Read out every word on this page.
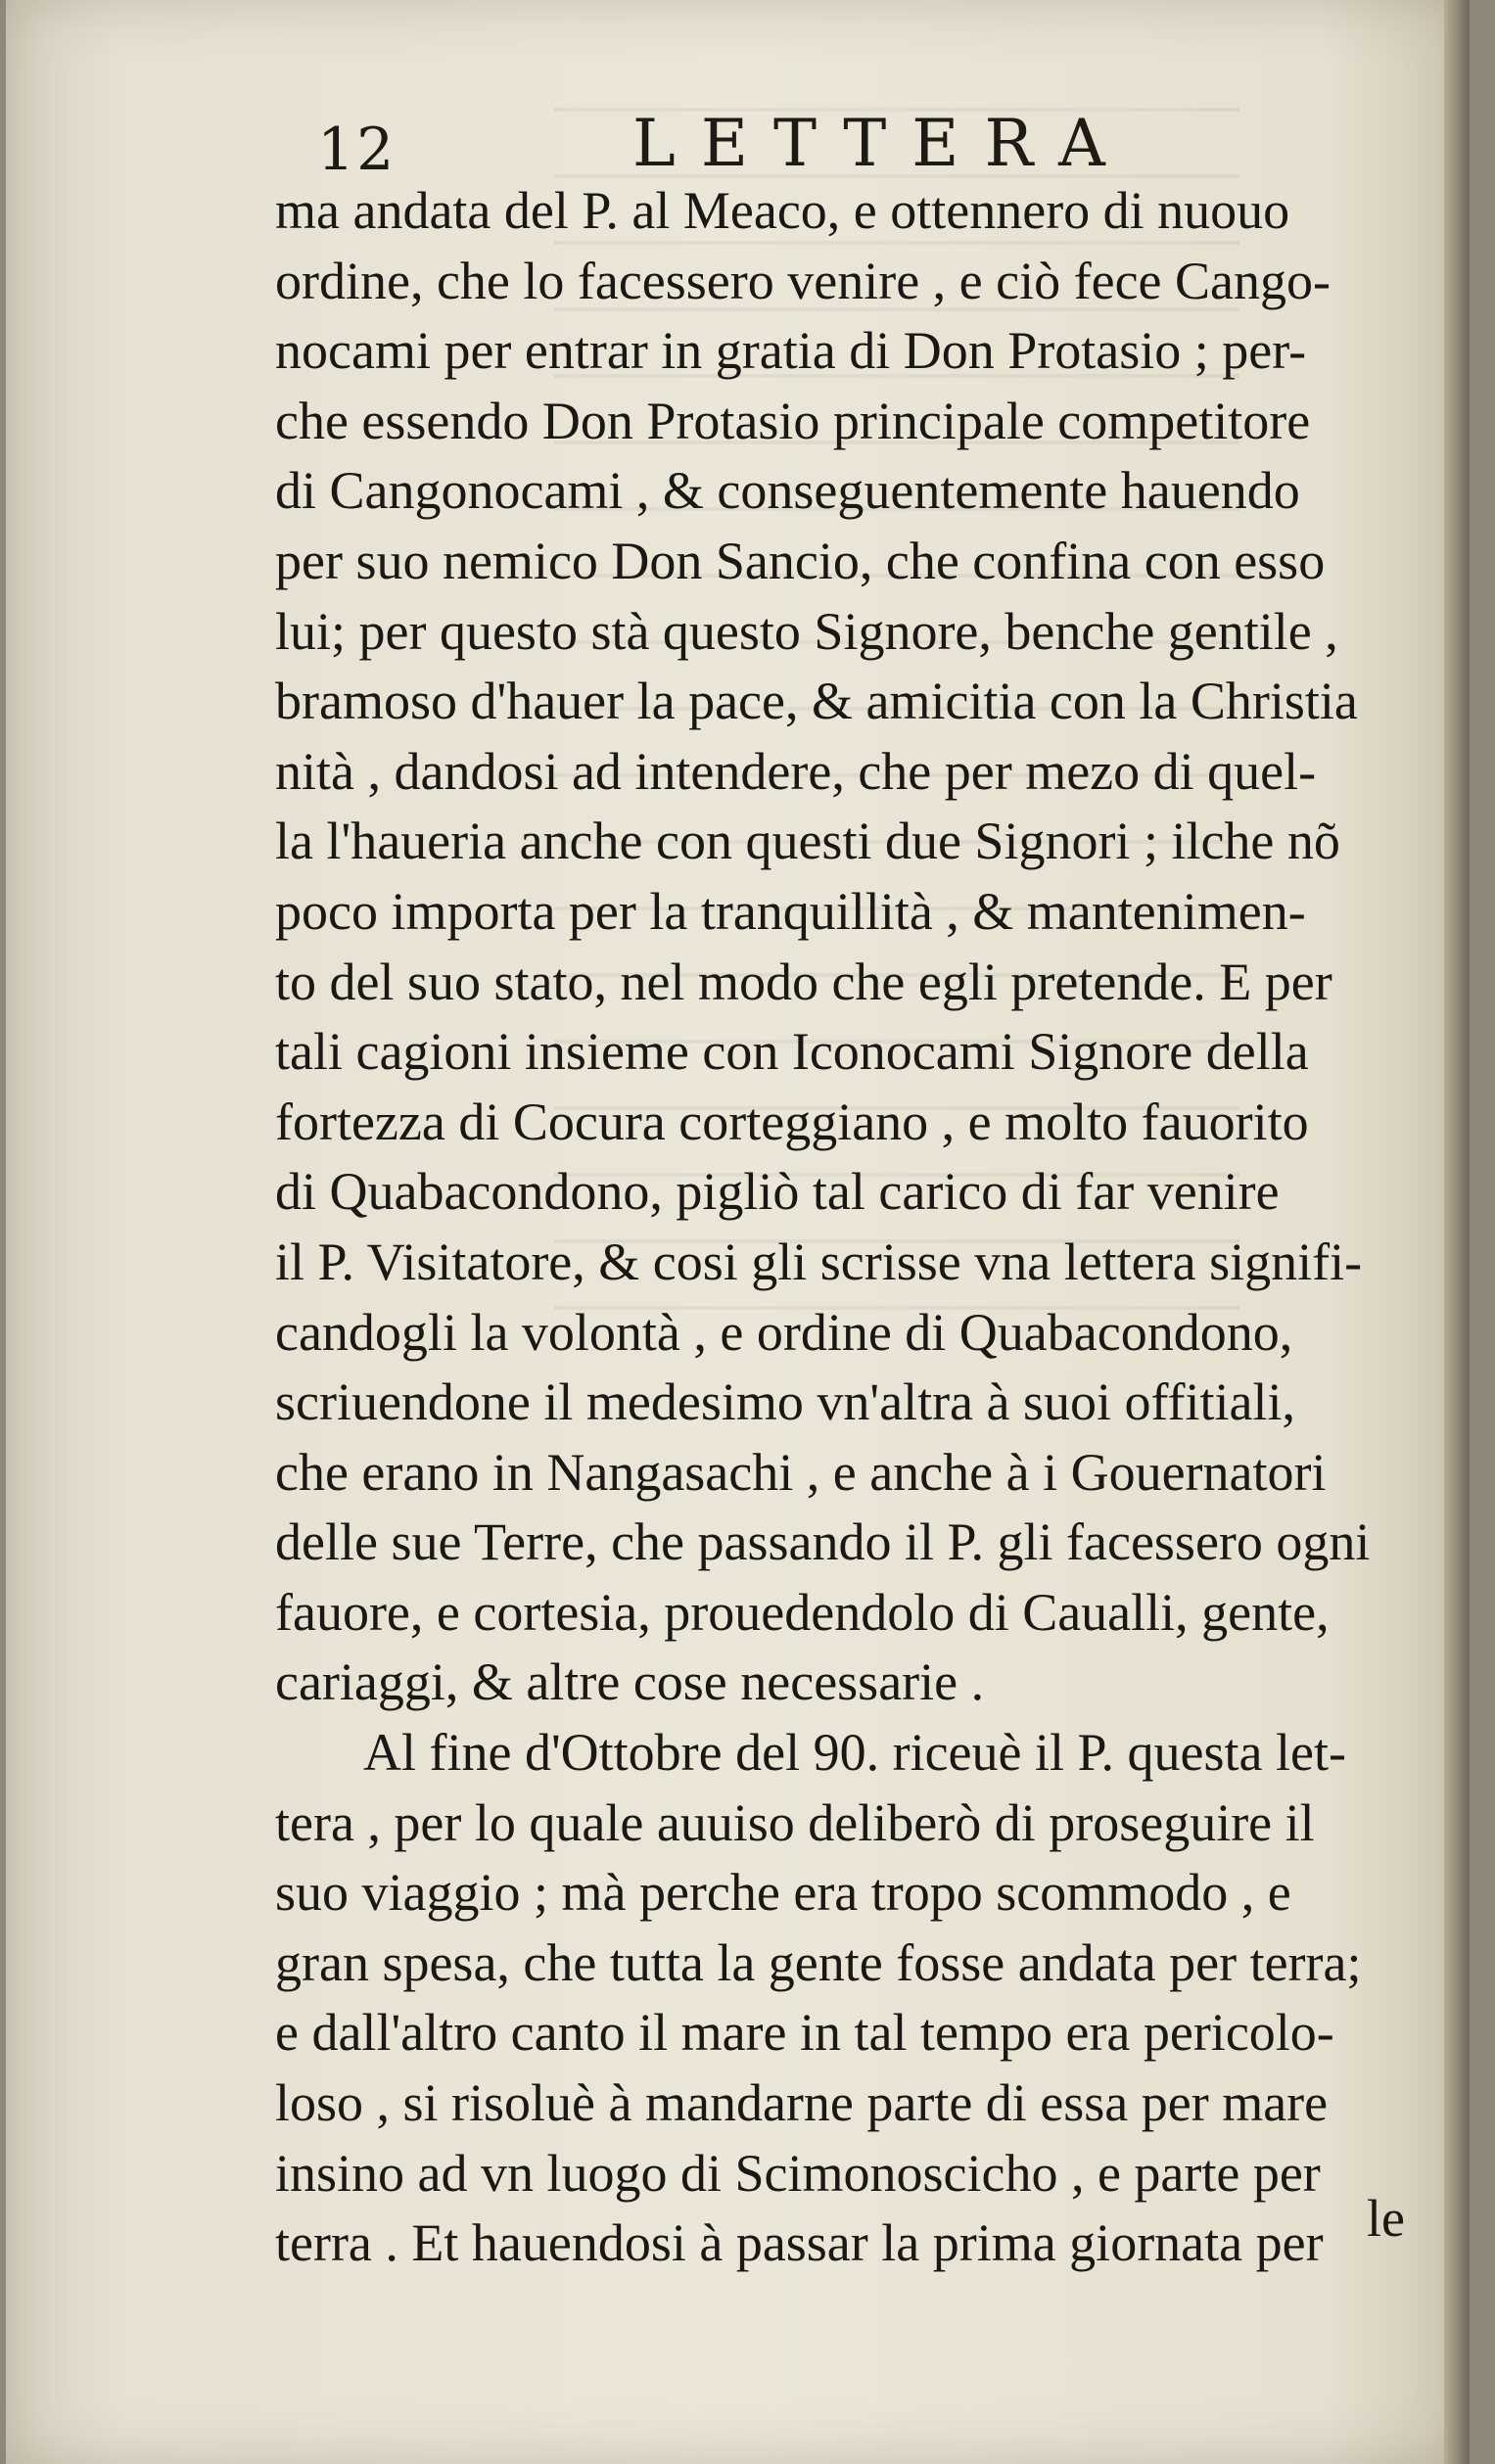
12	LETTERA
ma andata del P. al Meaco, e ottennero di nuouo
ordine, che lo facessero venire , e ciò fece Cango-
nocami per entrar in gratia di Don Protasio ; per-
che essendo Don Protasio principale competitore
di Cangonocami , & conseguentemente hauendo
per suo nemico Don Sancio, che confina con esso
lui; per questo stà questo Signore, benche gentile ,
bramoso d'hauer la pace, & amicitia con la Christia
nità , dandosi ad intendere, che per mezo di quel-
la l'haueria anche con questi due Signori ; ilche nõ
poco importa per la tranquillità , & mantenimen-
to del suo stato, nel modo che egli pretende. E per
tali cagioni insieme con Iconocami Signore della
fortezza di Cocura corteggiano , e molto fauorito
di Quabacondono, pigliò tal carico di far venire
il P. Visitatore, & cosi gli scrisse vna lettera signifi-
candogli la volontà , e ordine di Quabacondono,
scriuendone il medesimo vn'altra à suoi offitiali,
che erano in Nangasachi , e anche à i Gouernatori
delle sue Terre, che passando il P. gli facessero ogni
fauore, e cortesia, prouedendolo di Caualli, gente,
cariaggi, & altre cose necessarie .
Al fine d'Ottobre del 90. riceuè il P. questa let-
tera , per lo quale auuiso deliberò di proseguire il
suo viaggio ; mà perche era tropo scommodo , e
gran spesa, che tutta la gente fosse andata per terra;
e dall'altro canto il mare in tal tempo era pericolo-
loso , si risoluè à mandarne parte di essa per mare
insino ad vn luogo di Scimonoscicho , e parte per
terra . Et hauendosi à passar la prima giornata per le
